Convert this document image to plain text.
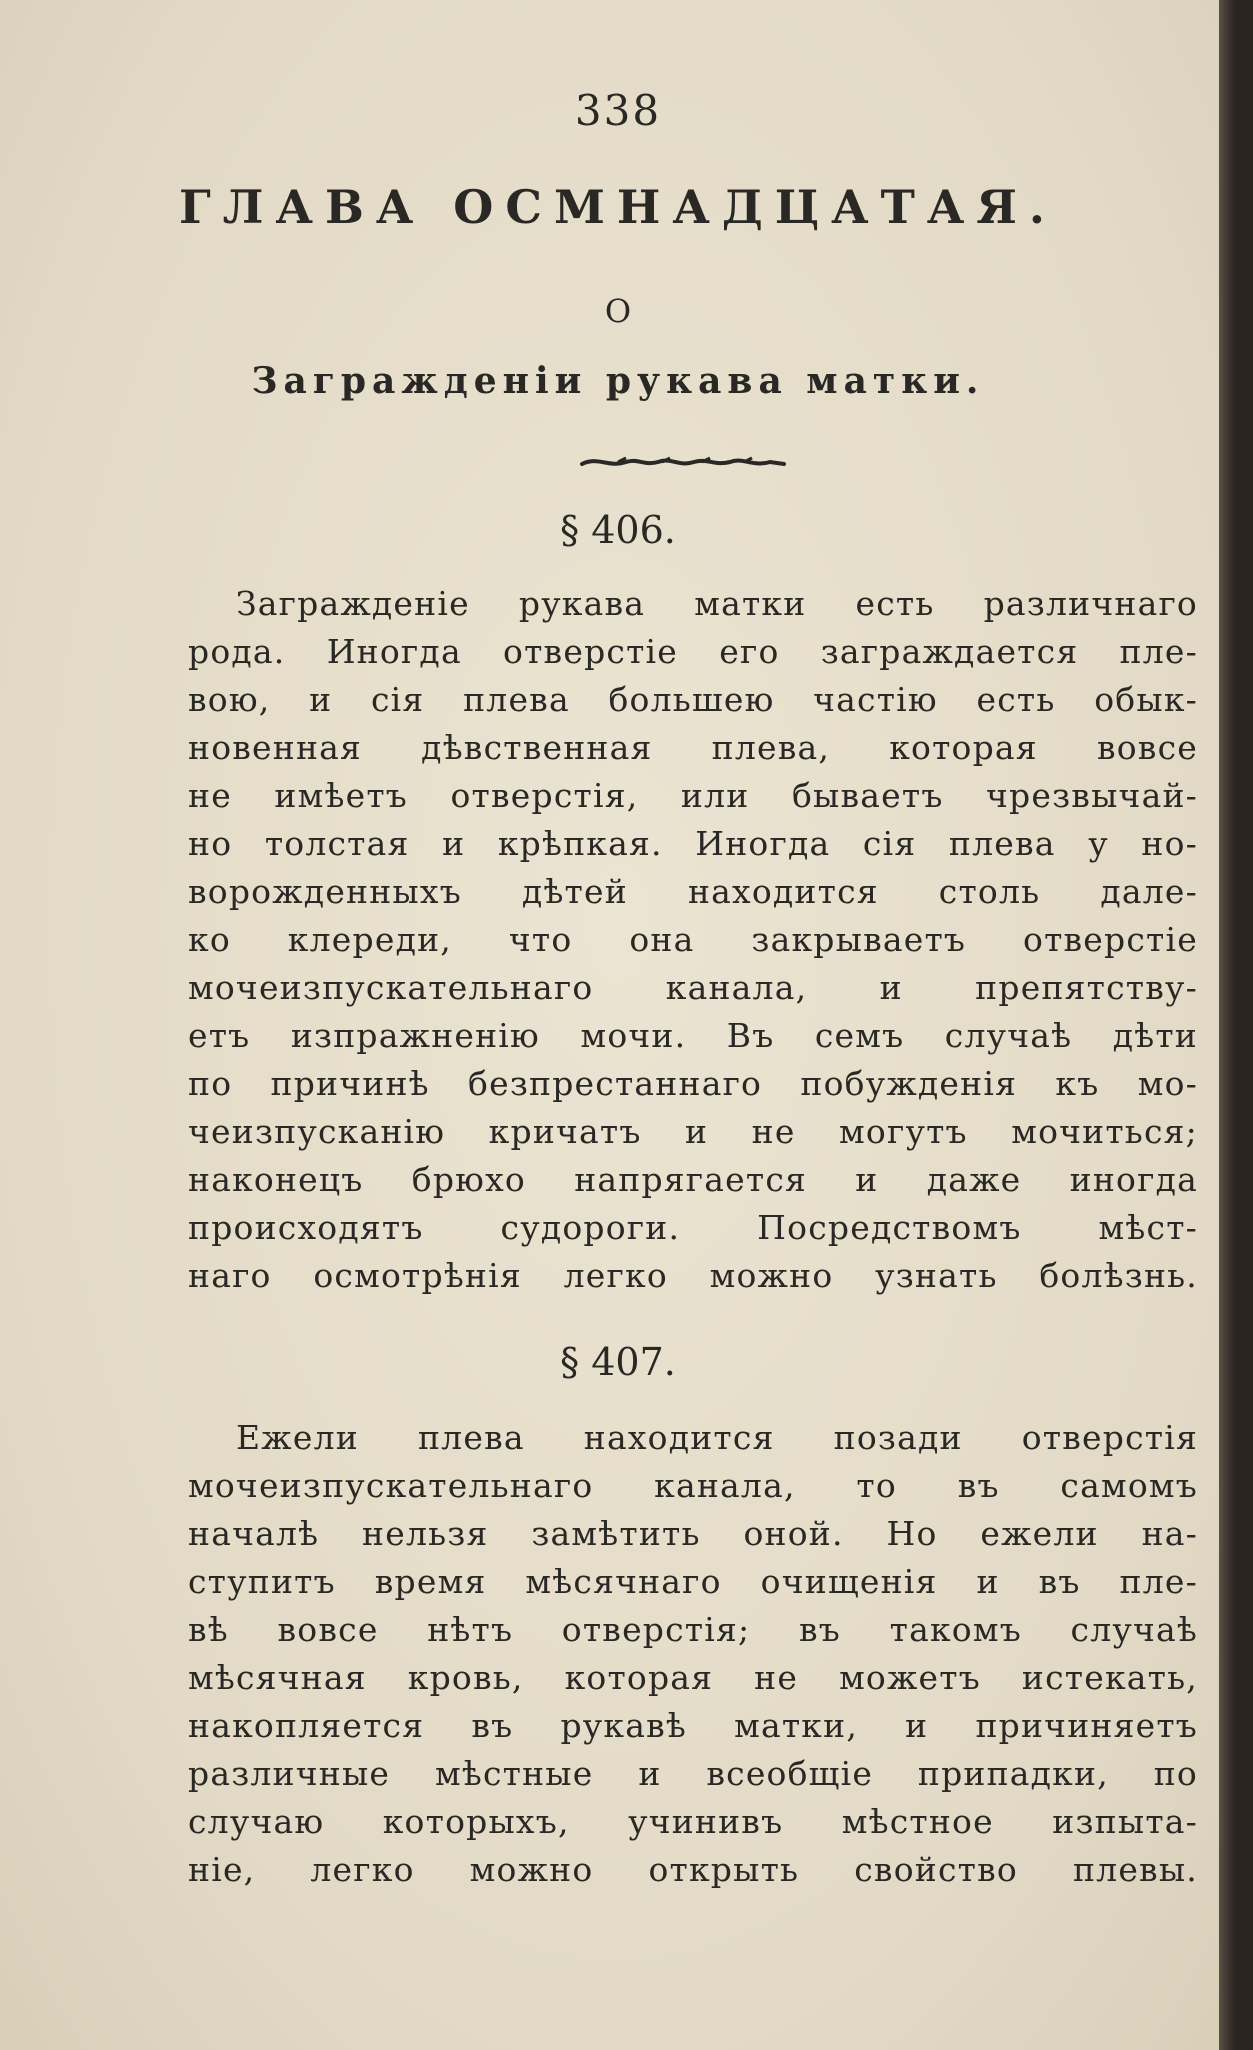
338
ГЛАВА ОСМНАДЦАТАЯ.
О
Загражденіи рукава матки.
§ 406.
Загражденіе рукава матки есть различнаго
рода. Иногда отверстіе его заграждается пле-
вою, и сія плева большею частію есть обык-
новенная дѣвственная плева, которая вовсе
не имѣетъ отверстія, или бываетъ чрезвычай-
но толстая и крѣпкая. Иногда сія плева у но-
ворожденныхъ дѣтей находится столь дале-
ко клереди, что она закрываетъ отверстіе
мочеизпускательнаго канала, и препятству-
етъ изпражненію мочи. Въ семъ случаѣ дѣти
по причинѣ безпрестаннаго побужденія къ мо-
чеизпусканію кричатъ и не могутъ мочиться;
наконецъ брюхо напрягается и даже иногда
происходятъ судороги. Посредствомъ мѣст-
наго осмотрѣнія легко можно узнать болѣзнь.
§ 407.
Ежели плева находится позади отверстія
мочеизпускательнаго канала, то въ самомъ
началѣ нельзя замѣтить оной. Но ежели на-
ступитъ время мѣсячнаго очищенія и въ пле-
вѣ вовсе нѣтъ отверстія; въ такомъ случаѣ
мѣсячная кровь, которая не можетъ истекать,
накопляется въ рукавѣ матки, и причиняетъ
различные мѣстные и всеобщіе припадки, по
случаю которыхъ, учинивъ мѣстное изпыта-
ніе, легко можно открыть свойство плевы.
